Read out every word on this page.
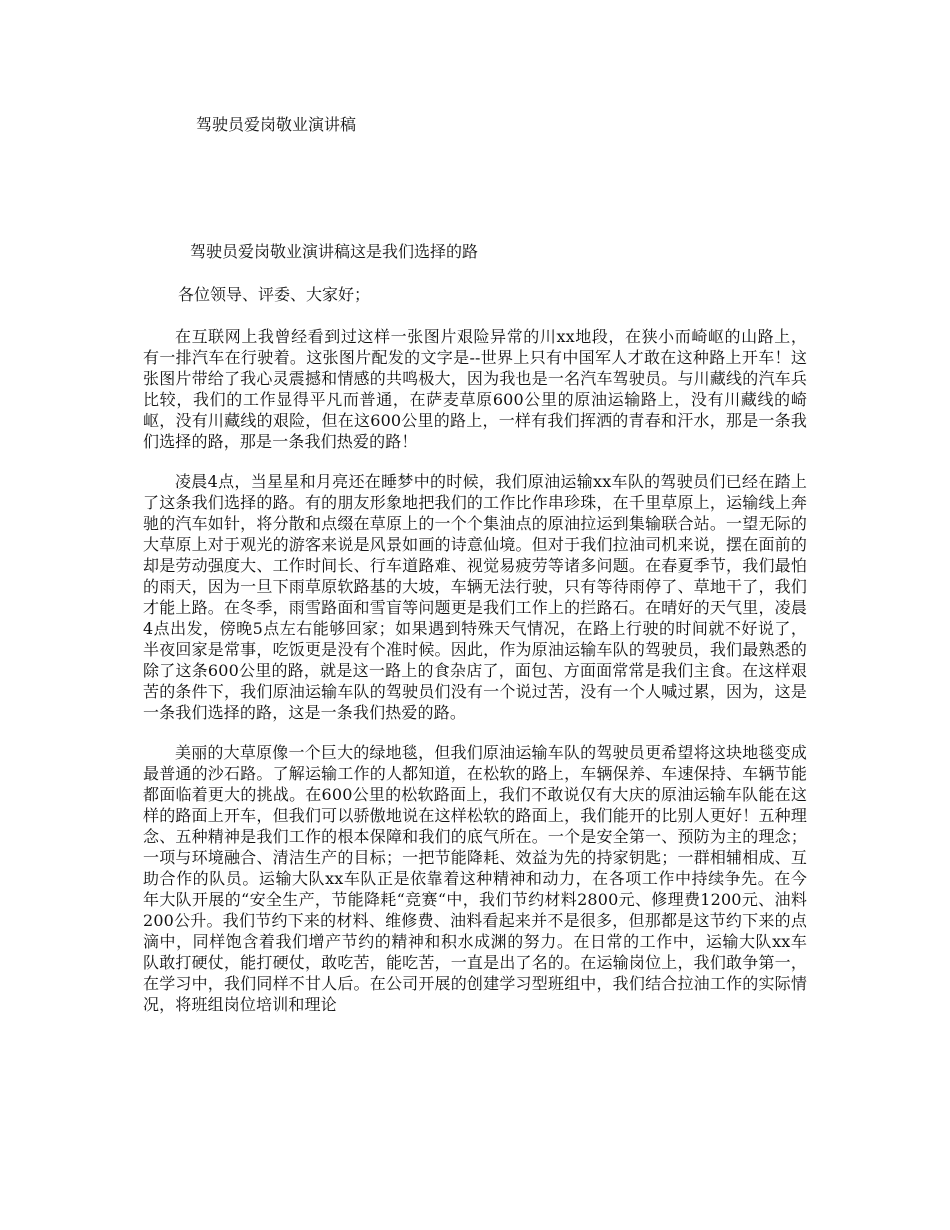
驾驶员爱岗敬业演讲稿
驾驶员爱岗敬业演讲稿这是我们选择的路

各位领导、评委、大家好；

在互联网上我曾经看到过这样一张图片艰险异常的川xx地段，在狭小而崎岖的山路上，有一排汽车在行驶着。这张图片配发的文字是--世界上只有中国军人才敢在这种路上开车！这张图片带给了我心灵震撼和情感的共鸣极大，因为我也是一名汽车驾驶员。与川藏线的汽车兵比较，我们的工作显得平凡而普通，在萨麦草原600公里的原油运输路上，没有川藏线的崎岖，没有川藏线的艰险，但在这600公里的路上，一样有我们挥洒的青春和汗水，那是一条我们选择的路，那是一条我们热爱的路！

凌晨4点，当星星和月亮还在睡梦中的时候，我们原油运输xx车队的驾驶员们已经在踏上了这条我们选择的路。有的朋友形象地把我们的工作比作串珍珠，在千里草原上，运输线上奔驰的汽车如针，将分散和点缀在草原上的一个个集油点的原油拉运到集输联合站。一望无际的大草原上对于观光的游客来说是风景如画的诗意仙境。但对于我们拉油司机来说，摆在面前的却是劳动强度大、工作时间长、行车道路难、视觉易疲劳等诸多问题。在春夏季节，我们最怕的雨天，因为一旦下雨草原软路基的大坡，车辆无法行驶，只有等待雨停了、草地干了，我们才能上路。在冬季，雨雪路面和雪盲等问题更是我们工作上的拦路石。在晴好的天气里，凌晨4点出发，傍晚5点左右能够回家；如果遇到特殊天气情况，在路上行驶的时间就不好说了，半夜回家是常事，吃饭更是没有个准时候。因此，作为原油运输车队的驾驶员，我们最熟悉的除了这条600公里的路，就是这一路上的食杂店了，面包、方面面常常是我们主食。在这样艰苦的条件下，我们原油运输车队的驾驶员们没有一个说过苦，没有一个人喊过累，因为，这是一条我们选择的路，这是一条我们热爱的路。

美丽的大草原像一个巨大的绿地毯，但我们原油运输车队的驾驶员更希望将这块地毯变成最普通的沙石路。了解运输工作的人都知道，在松软的路上，车辆保养、车速保持、车辆节能都面临着更大的挑战。在600公里的松软路面上，我们不敢说仅有大庆的原油运输车队能在这样的路面上开车，但我们可以骄傲地说在这样松软的路面上，我们能开的比别人更好！五种理念、五种精神是我们工作的根本保障和我们的底气所在。一个是安全第一、预防为主的理念；一项与环境融合、清洁生产的目标；一把节能降耗、效益为先的持家钥匙；一群相辅相成、互助合作的队员。运输大队xx车队正是依靠着这种精神和动力，在各项工作中持续争先。在今年大队开展的“安全生产，节能降耗“竞赛“中，我们节约材料2800元、修理费1200元、油料200公升。我们节约下来的材料、维修费、油料看起来并不是很多，但那都是这节约下来的点滴中，同样饱含着我们增产节约的精神和积水成渊的努力。在日常的工作中，运输大队xx车队敢打硬仗，能打硬仗，敢吃苦，能吃苦，一直是出了名的。在运输岗位上，我们敢争第一，在学习中，我们同样不甘人后。在公司开展的创建学习型班组中，我们结合拉油工作的实际情况，将班组岗位培训和理论
